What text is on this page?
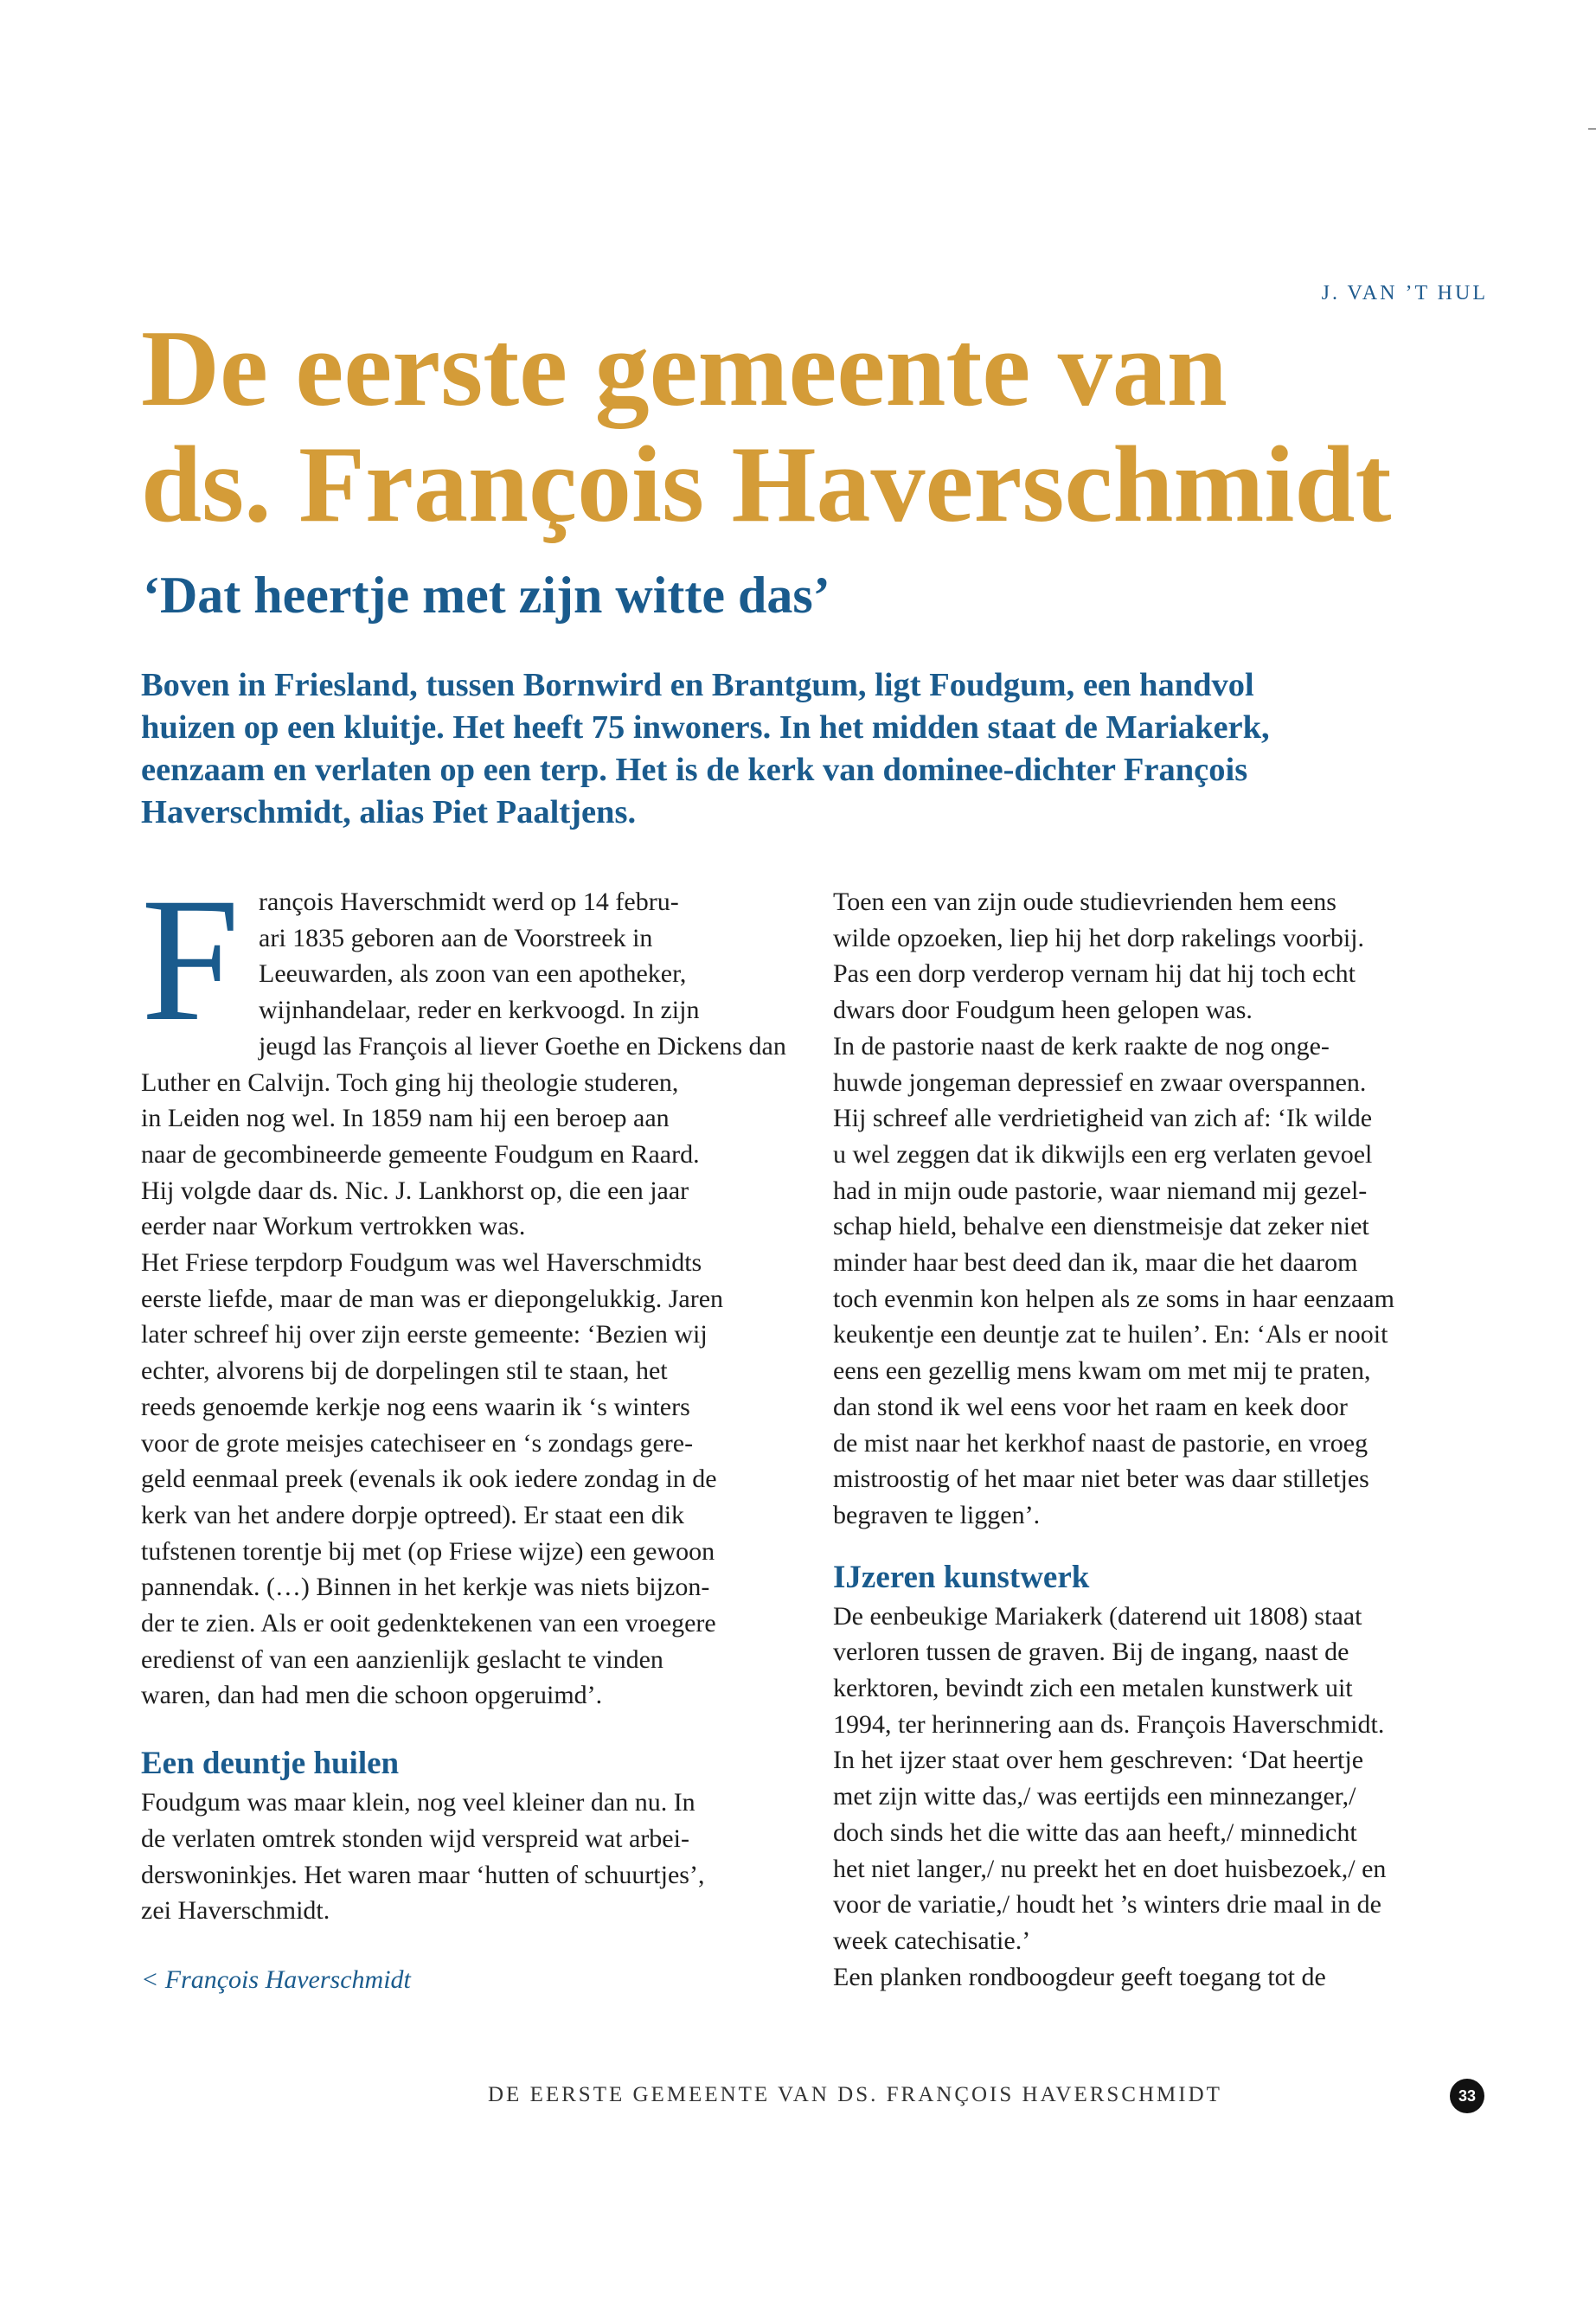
J. VAN ’T HUL
De eerste gemeente van
ds. François Haverschmidt
‘Dat heertje met zijn witte das’

Boven in Friesland, tussen Bornwird en Brantgum, ligt Foudgum, een handvol
huizen op een kluitje. Het heeft 75 inwoners. In het midden staat de Mariakerk,
eenzaam en verlaten op een terp. Het is de kerk van dominee-dichter François
Haverschmidt, alias Piet Paaltjens.

François Haverschmidt werd op 14 febru-
ari 1835 geboren aan de Voorstreek in
Leeuwarden, als zoon van een apotheker,
wijnhandelaar, reder en kerkvoogd. In zijn
jeugd las François al liever Goethe en Dickens dan
Luther en Calvijn. Toch ging hij theologie studeren,
in Leiden nog wel. In 1859 nam hij een beroep aan
naar de gecombineerde gemeente Foudgum en Raard.
Hij volgde daar ds. Nic. J. Lankhorst op, die een jaar
eerder naar Workum vertrokken was.

Het Friese terpdorp Foudgum was wel Haverschmidts
eerste liefde, maar de man was er diepongelukkig. Jaren
later schreef hij over zijn eerste gemeente: ‘Bezien wij
echter, alvorens bij de dorpelingen stil te staan, het
reeds genoemde kerkje nog eens waarin ik ‘s winters
voor de grote meisjes catechiseer en ‘s zondags gere-
geld eenmaal preek (evenals ik ook iedere zondag in de
kerk van het andere dorpje optreed). Er staat een dik
tufstenen torentje bij met (op Friese wijze) een gewoon
pannendak. (…) Binnen in het kerkje was niets bijzon-
der te zien. Als er ooit gedenktekenen van een vroegere
eredienst of van een aanzienlijk geslacht te vinden
waren, dan had men die schoon opgeruimd’.

Een deuntje huilen

Foudgum was maar klein, nog veel kleiner dan nu. In
de verlaten omtrek stonden wijd verspreid wat arbei-
derswoninkjes. Het waren maar ‘hutten of schuurtjes’,
zei Haverschmidt.

< François Haverschmidt

Toen een van zijn oude studievrienden hem eens
wilde opzoeken, liep hij het dorp rakelings voorbij.
Pas een dorp verderop vernam hij dat hij toch echt
dwars door Foudgum heen gelopen was.

In de pastorie naast de kerk raakte de nog onge-
huwde jongeman depressief en zwaar overspannen.
Hij schreef alle verdrietigheid van zich af: ‘Ik wilde
u wel zeggen dat ik dikwijls een erg verlaten gevoel
had in mijn oude pastorie, waar niemand mij gezel-
schap hield, behalve een dienstmeisje dat zeker niet
minder haar best deed dan ik, maar die het daarom
toch evenmin kon helpen als ze soms in haar eenzaam
keukentje een deuntje zat te huilen’. En: ‘Als er nooit
eens een gezellig mens kwam om met mij te praten,
dan stond ik wel eens voor het raam en keek door
de mist naar het kerkhof naast de pastorie, en vroeg
mistroostig of het maar niet beter was daar stilletjes
begraven te liggen’.

IJzeren kunstwerk

De eenbeukige Mariakerk (daterend uit 1808) staat
verloren tussen de graven. Bij de ingang, naast de
kerktoren, bevindt zich een metalen kunstwerk uit
1994, ter herinnering aan ds. François Haverschmidt.
In het ijzer staat over hem geschreven: ‘Dat heertje
met zijn witte das,/ was eertijds een minnezanger,/
doch sinds het die witte das aan heeft,/ minnedicht
het niet langer,/ nu preekt het en doet huisbezoek,/ en
voor de variatie,/ houdt het ’s winters drie maal in de
week catechisatie.’

Een planken rondboogdeur geeft toegang tot de

DE EERSTE GEMEENTE VAN DS. FRANÇOIS HAVERSCHMIDT	33
